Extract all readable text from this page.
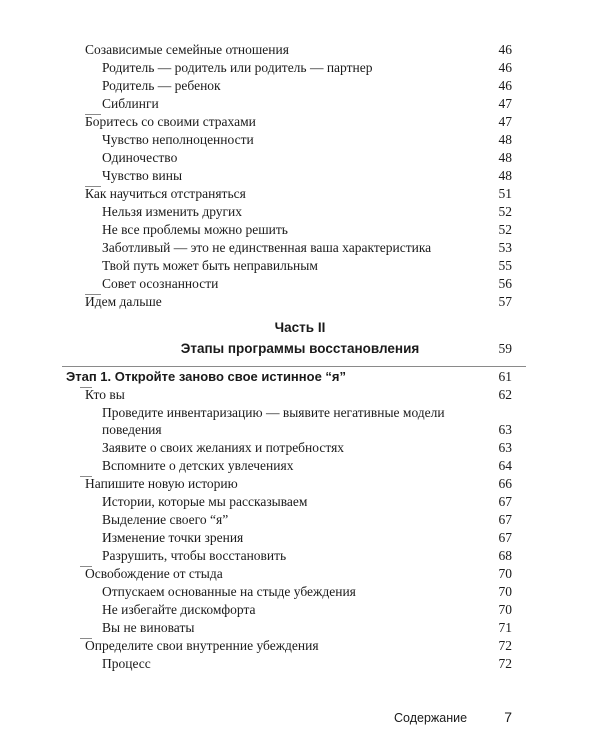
Созависимые семейные отношения	46
Родитель — родитель или родитель — партнер	46
Родитель — ребенок	46
Сиблинги	47
Боритесь со своими страхами	47
Чувство неполноценности	48
Одиночество	48
Чувство вины	48
Как научиться отстраняться	51
Нельзя изменить других	52
Не все проблемы можно решить	52
Заботливый — это не единственная ваша характеристика	53
Твой путь может быть неправильным	55
Совет осознанности	56
Идем дальше	57
Часть II
Этапы программы восстановления	59
Этап 1. Откройте заново свое истинное “я”	61
Кто вы	62
Проведите инвентаризацию — выявите негативные модели
поведения	63
Заявите о своих желаниях и потребностях	63
Вспомните о детских увлечениях	64
Напишите новую историю	66
Истории, которые мы рассказываем	67
Выделение своего “я”	67
Изменение точки зрения	67
Разрушить, чтобы восстановить	68
Освобождение от стыда	70
Отпускаем основанные на стыде убеждения	70
Не избегайте дискомфорта	70
Вы не виноваты	71
Определите свои внутренние убеждения	72
Процесс	72
Содержание	7
